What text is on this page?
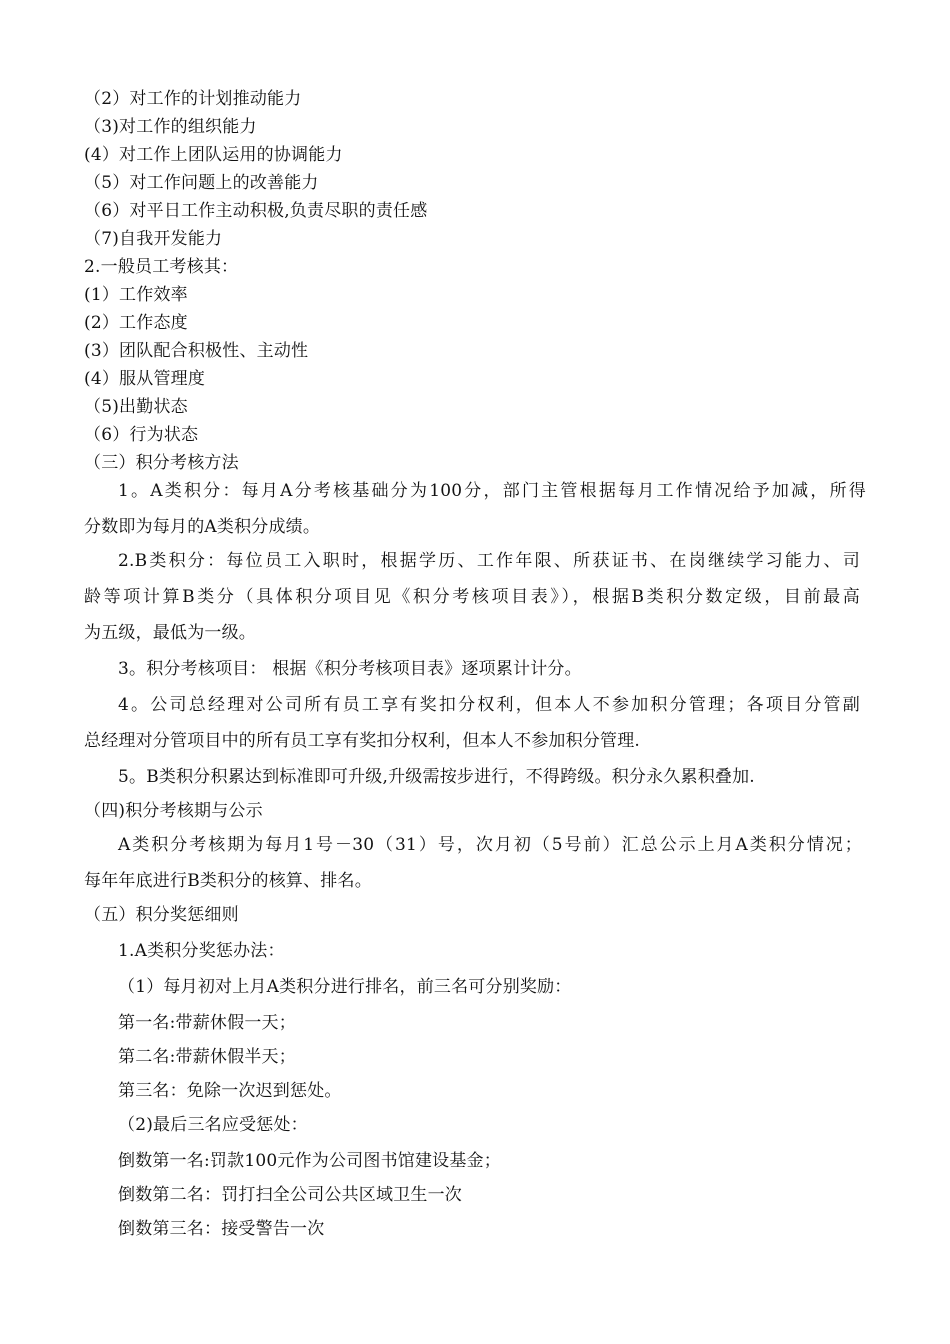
（2）对工作的计划推动能力
（3)对工作的组织能力
(4）对工作上团队运用的协调能力
（5）对工作问题上的改善能力
（6）对平日工作主动积极,负责尽职的责任感
（7)自我开发能力
2.一般员工考核其：
(1）工作效率
(2）工作态度
(3）团队配合积极性、主动性
(4）服从管理度
（5)出勤状态
（6）行为状态
（三）积分考核方法
1。A类积分：每月A分考核基础分为100分，部门主管根据每月工作情况给予加减，所得
分数即为每月的A类积分成绩。
2.B类积分：每位员工入职时，根据学历、工作年限、所获证书、在岗继续学习能力、司
龄等项计算B类分（具体积分项目见《积分考核项目表》），根据B类积分数定级，目前最高
为五级，最低为一级。
3。积分考核项目： 根据《积分考核项目表》逐项累计计分。
4。公司总经理对公司所有员工享有奖扣分权利，但本人不参加积分管理；各项目分管副
总经理对分管项目中的所有员工享有奖扣分权利，但本人不参加积分管理.
5。B类积分积累达到标准即可升级,升级需按步进行，不得跨级。积分永久累积叠加.
（四)积分考核期与公示
A类积分考核期为每月1号－30（31）号，次月初（5号前）汇总公示上月A类积分情况；
每年年底进行B类积分的核算、排名。
（五）积分奖惩细则
1.A类积分奖惩办法：
（1）每月初对上月A类积分进行排名，前三名可分别奖励：
第一名:带薪休假一天；
第二名:带薪休假半天；
第三名：免除一次迟到惩处。
（2)最后三名应受惩处：
倒数第一名:罚款100元作为公司图书馆建设基金；
倒数第二名：罚打扫全公司公共区域卫生一次
倒数第三名：接受警告一次
